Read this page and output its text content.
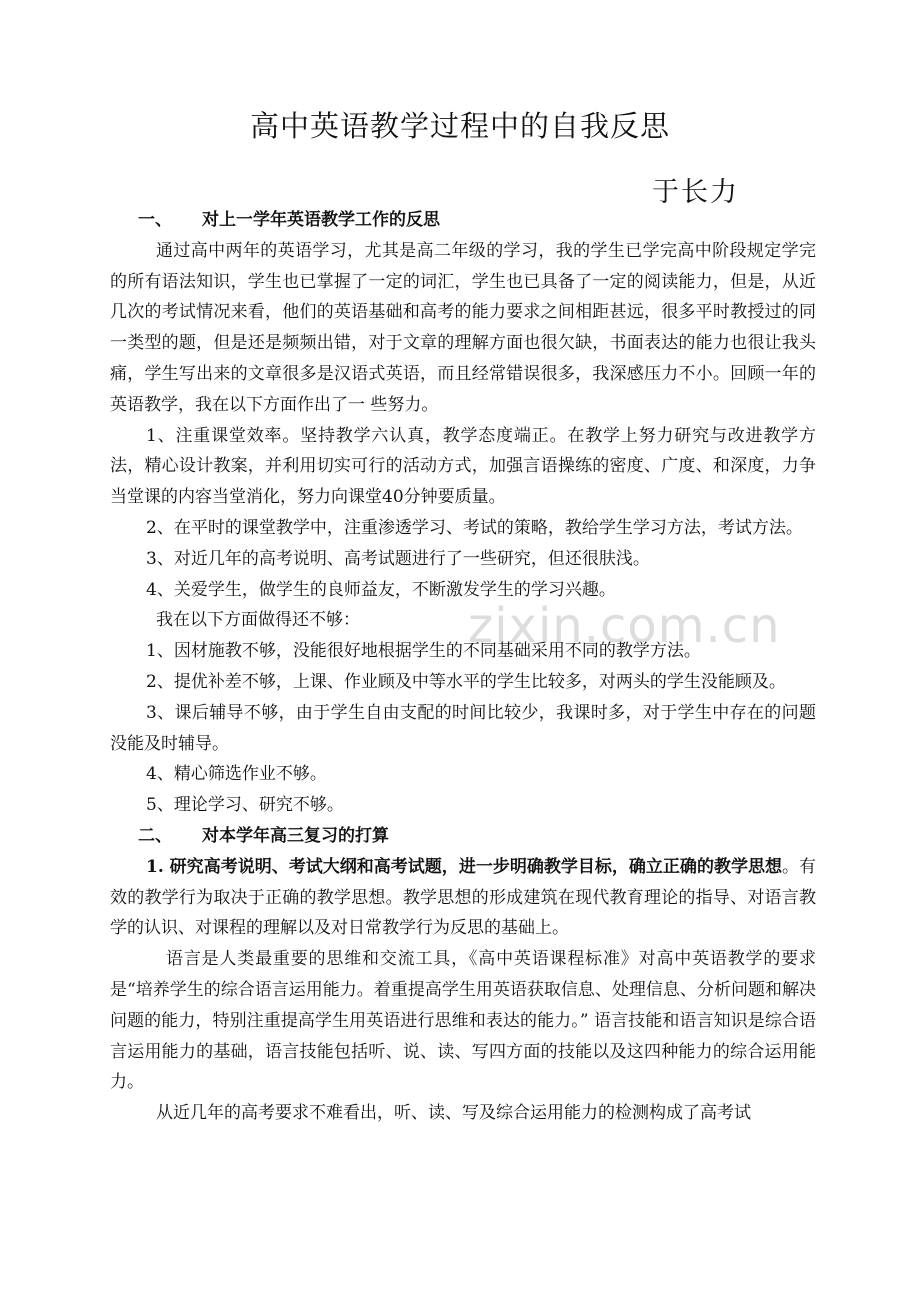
高中英语教学过程中的自我反思
于长力

一、 对上一学年英语教学工作的反思

通过高中两年的英语学习，尤其是高二年级的学习，我的学生已学完高中阶段规定学完的所有语法知识，学生也已掌握了一定的词汇，学生也已具备了一定的阅读能力，但是，从近几次的考试情况来看，他们的英语基础和高考的能力要求之间相距甚远，很多平时教授过的同一类型的题，但是还是频频出错，对于文章的理解方面也很欠缺，书面表达的能力也很让我头痛，学生写出来的文章很多是汉语式英语，而且经常错误很多，我深感压力不小。回顾一年的英语教学，我在以下方面作出了一 些努力。

1、注重课堂效率。坚持教学六认真，教学态度端正。在教学上努力研究与改进教学方法，精心设计教案，并利用切实可行的活动方式，加强言语操练的密度、广度、和深度，力争当堂课的内容当堂消化，努力向课堂40分钟要质量。

2、在平时的课堂教学中，注重渗透学习、考试的策略，教给学生学习方法，考试方法。

3、对近几年的高考说明、高考试题进行了一些研究，但还很肤浅。

4、关爱学生，做学生的良师益友，不断激发学生的学习兴趣。

我在以下方面做得还不够：

1、因材施教不够，没能很好地根据学生的不同基础采用不同的教学方法。

2、提优补差不够，上课、作业顾及中等水平的学生比较多，对两头的学生没能顾及。

3、课后辅导不够，由于学生自由支配的时间比较少，我课时多，对于学生中存在的问题没能及时辅导。

4、精心筛选作业不够。

5、理论学习、研究不够。

二、 对本学年高三复习的打算

1. 研究高考说明、考试大纲和高考试题，进一步明确教学目标，确立正确的教学思想。有效的教学行为取决于正确的教学思想。教学思想的形成建筑在现代教育理论的指导、对语言教学的认识、对课程的理解以及对日常教学行为反思的基础上。

语言是人类最重要的思维和交流工具，《高中英语课程标准》对高中英语教学的要求是“培养学生的综合语言运用能力。着重提高学生用英语获取信息、处理信息、分析问题和解决问题的能力，特别注重提高学生用英语进行思维和表达的能力。” 语言技能和语言知识是综合语言运用能力的基础，语言技能包括听、说、读、写四方面的技能以及这四种能力的综合运用能力。

从近几年的高考要求不难看出，听、读、写及综合运用能力的检测构成了高考试

zixin.com.cn
